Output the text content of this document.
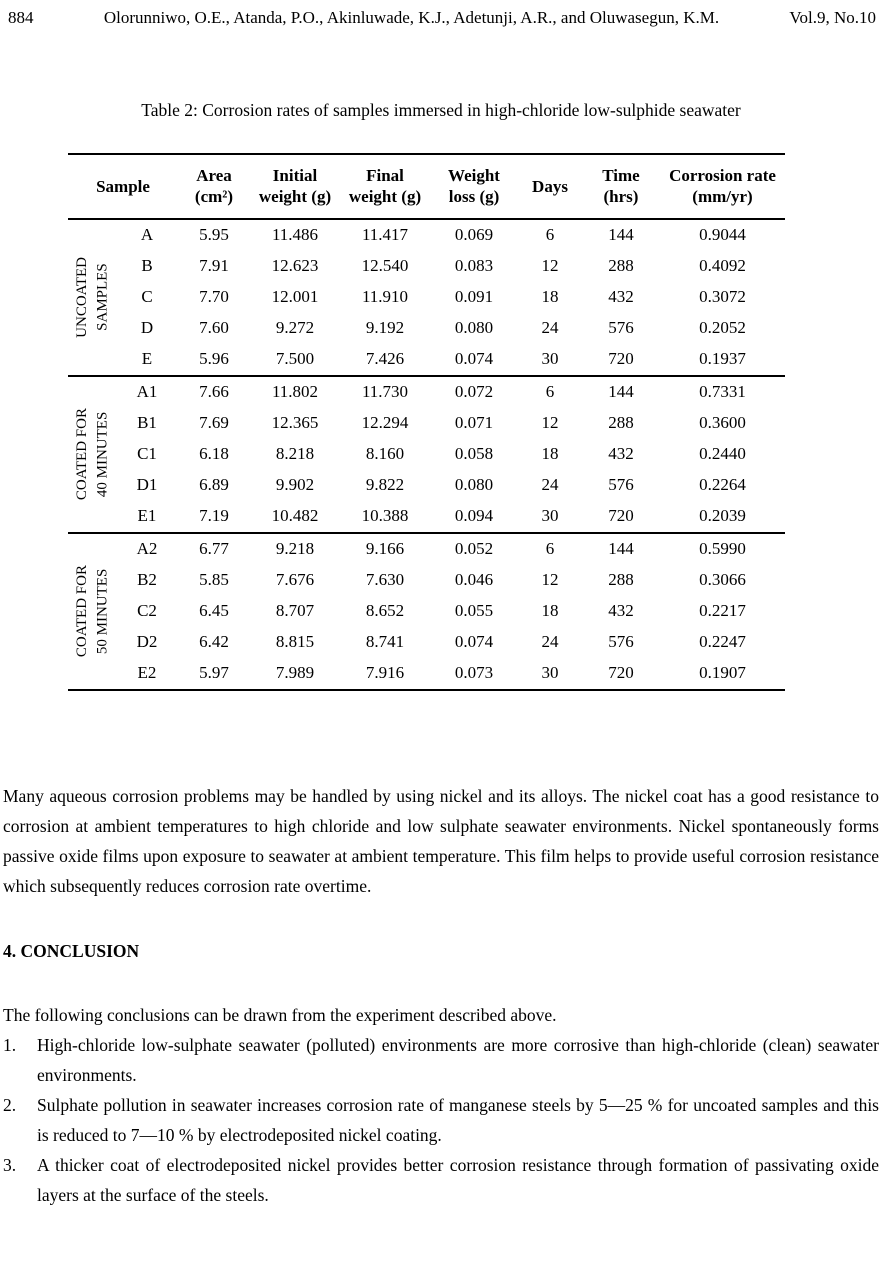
884	Olorunniwo, O.E., Atanda, P.O., Akinluwade, K.J., Adetunji, A.R., and Oluwasegun, K.M.	Vol.9, No.10
Table 2: Corrosion rates of samples immersed in high-chloride low-sulphide seawater
Sample		Area (cm²)	Initial weight (g)	Final weight (g)	Weight loss (g)	Days	Time (hrs)	Corrosion rate (mm/yr)

UNCOATED SAMPLES	A	5.95	11.486	11.417	0.069	6	144	0.9044
	B	7.91	12.623	12.540	0.083	12	288	0.4092
	C	7.70	12.001	11.910	0.091	18	432	0.3072
	D	7.60	9.272	9.192	0.080	24	576	0.2052
	E	5.96	7.500	7.426	0.074	30	720	0.1937

COATED FOR 40 MINUTES	A1	7.66	11.802	11.730	0.072	6	144	0.7331
	B1	7.69	12.365	12.294	0.071	12	288	0.3600
	C1	6.18	8.218	8.160	0.058	18	432	0.2440
	D1	6.89	9.902	9.822	0.080	24	576	0.2264
	E1	7.19	10.482	10.388	0.094	30	720	0.2039

COATED FOR 50 MINUTES	A2	6.77	9.218	9.166	0.052	6	144	0.5990
	B2	5.85	7.676	7.630	0.046	12	288	0.3066
	C2	6.45	8.707	8.652	0.055	18	432	0.2217
	D2	6.42	8.815	8.741	0.074	24	576	0.2247
	E2	5.97	7.989	7.916	0.073	30	720	0.1907
Many aqueous corrosion problems may be handled by using nickel and its alloys. The nickel coat has a good resistance to corrosion at ambient temperatures to high chloride and low sulphate seawater environments. Nickel spontaneously forms passive oxide films upon exposure to seawater at ambient temperature. This film helps to provide useful corrosion resistance which subsequently reduces corrosion rate overtime.
4. CONCLUSION
The following conclusions can be drawn from the experiment described above.
1.	High-chloride low-sulphate seawater (polluted) environments are more corrosive than high-chloride (clean) seawater environments.
2.	Sulphate pollution in seawater increases corrosion rate of manganese steels by 5—25 % for uncoated samples and this is reduced to 7—10 % by electrodeposited nickel coating.
3.	A thicker coat of electrodeposited nickel provides better corrosion resistance through formation of passivating oxide layers at the surface of the steels.
